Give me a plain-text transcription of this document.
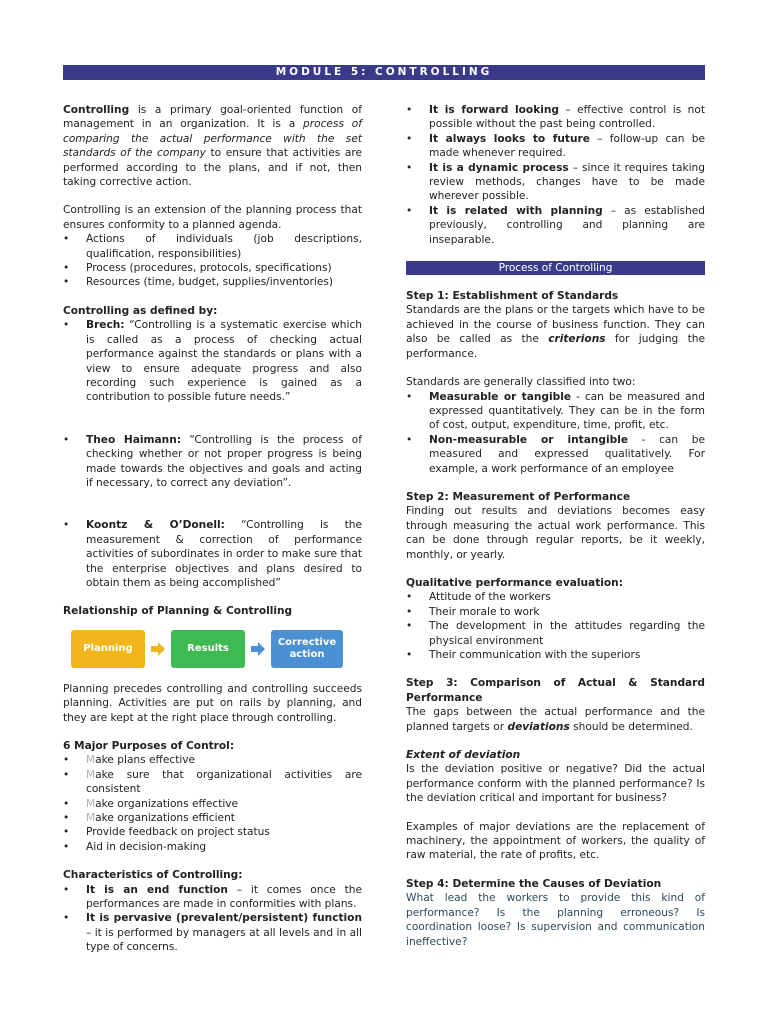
MODULE 5: CONTROLLING

Controlling is a primary goal-oriented function of management in an organization. It is a process of comparing the actual performance with the set standards of the company to ensure that activities are performed according to the plans, and if not, then taking corrective action.

Controlling is an extension of the planning process that ensures conformity to a planned agenda.

• Actions of individuals (job descriptions, qualification, responsibilities)
• Process (procedures, protocols, specifications)
• Resources (time, budget, supplies/inventories)

Controlling as defined by:

• Brech: “Controlling is a systematic exercise which is called as a process of checking actual performance against the standards or plans with a view to ensure adequate progress and also recording such experience is gained as a contribution to possible future needs.”
• Theo Haimann: “Controlling is the process of checking whether or not proper progress is being made towards the objectives and goals and acting if necessary, to correct any deviation”.
• Koontz & O’Donell: “Controlling is the measurement & correction of performance activities of subordinates in order to make sure that the enterprise objectives and plans desired to obtain them as being accomplished”

Relationship of Planning & Controlling

Planning	Results
Corrective action

Planning precedes controlling and controlling succeeds planning. Activities are put on rails by planning, and they are kept at the right place through controlling.

6 Major Purposes of Control:

• Make plans effective
• Make sure that organizational activities are consistent
• Make organizations effective
• Make organizations efficient
• Provide feedback on project status
• Aid in decision-making

Characteristics of Controlling:

• It is an end function – it comes once the performances are made in conformities with plans.
• It is pervasive (prevalent/persistent) function – it is performed by managers at all levels and in all type of concerns.
• It is forward looking – effective control is not possible without the past being controlled.
• It always looks to future – follow-up can be made whenever required.
• It is a dynamic process – since it requires taking review methods, changes have to be made wherever possible.
• It is related with planning – as established previously, controlling and planning are inseparable.
Process of Controlling

Step 1: Establishment of Standards

Standards are the plans or the targets which have to be achieved in the course of business function. They can also be called as the criterions for judging the performance.

Standards are generally classified into two:

• Measurable or tangible - can be measured and expressed quantitatively. They can be in the form of cost, output, expenditure, time, profit, etc.
• Non-measurable or intangible - can be measured and expressed qualitatively. For example, a work performance of an employee

Step 2: Measurement of Performance

Finding out results and deviations becomes easy through measuring the actual work performance. This can be done through regular reports, be it weekly, monthly, or yearly.

Qualitative performance evaluation:

• Attitude of the workers
• Their morale to work
• The development in the attitudes regarding the physical environment
• Their communication with the superiors

Step 3: Comparison of Actual & Standard Performance

The gaps between the actual performance and the planned targets or deviations should be determined.

Extent of deviation

Is the deviation positive or negative? Did the actual performance conform with the planned performance? Is the deviation critical and important for business?

Examples of major deviations are the replacement of machinery, the appointment of workers, the quality of raw material, the rate of profits, etc.

Step 4: Determine the Causes of Deviation

What lead the workers to provide this kind of performance? Is the planning erroneous? Is coordination loose? Is supervision and communication ineffective?
